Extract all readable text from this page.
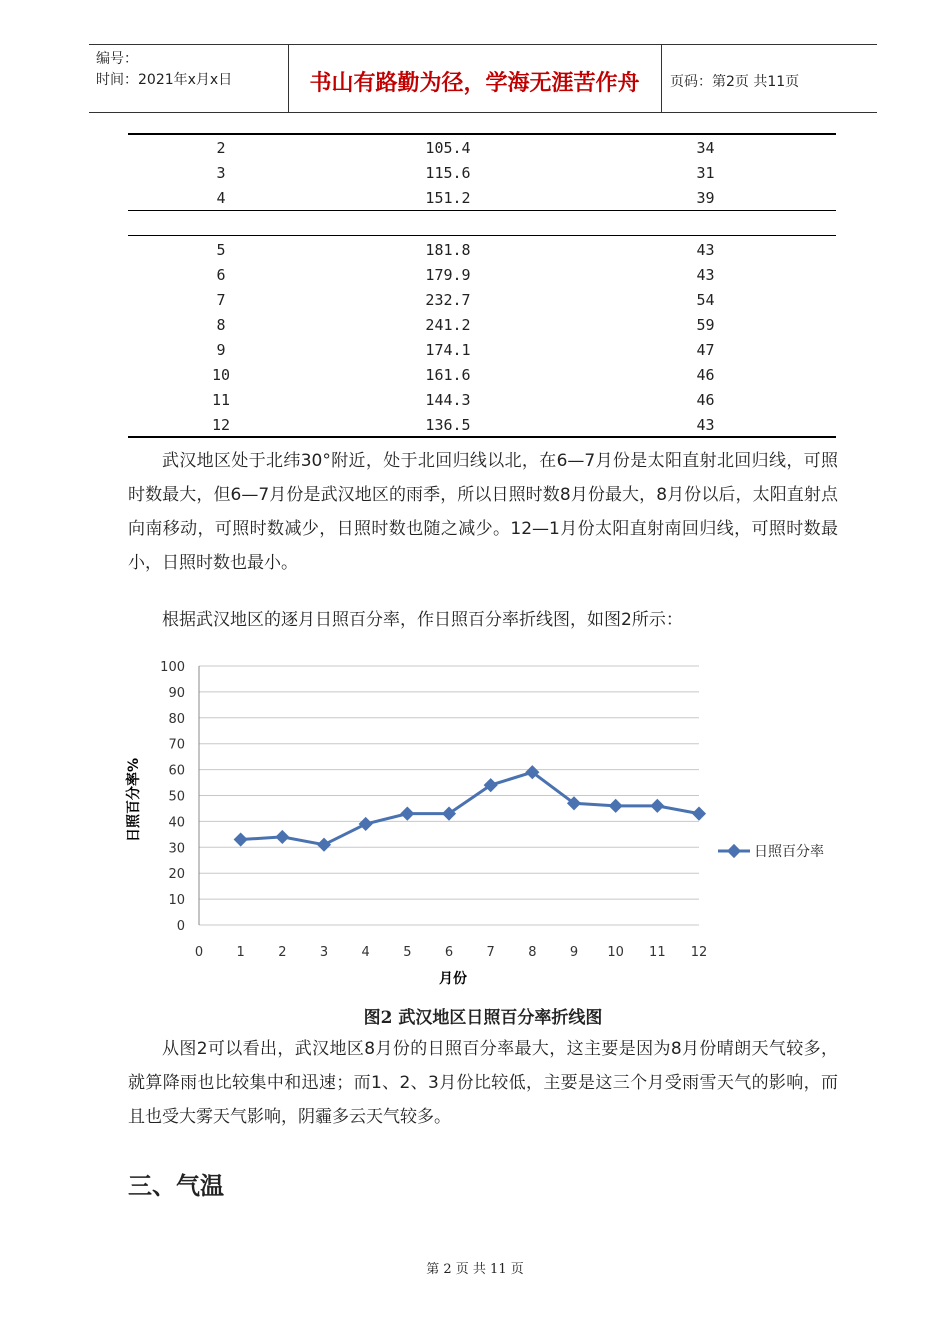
编号：
时间：2021年x月x日	书山有路勤为径，学海无涯苦作舟	页码：第2页 共11页
2	105.4	34
3	115.6	31
4	151.2	39
5	181.8	43
6	179.9	43
7	232.7	54
8	241.2	59
9	174.1	47
10	161.6	46
11	144.3	46
12	136.5	43
武汉地区处于北纬30°附近，处于北回归线以北，在6—7月份是太阳直射北回归线，可照时数最大，但6—7月份是武汉地区的雨季，所以日照时数8月份最大，8月份以后，太阳直射点向南移动，可照时数减少，日照时数也随之减少。12—1月份太阳直射南回归线，可照时数最小，日照时数也最小。
根据武汉地区的逐月日照百分率，作日照百分率折线图，如图2所示：
0
10
20
30
40
50
60
70
80
90
100
0	1	2	3	4	5	6	7	8	9 10 11 12
日照百分率%
月份
日照百分率
图2 武汉地区日照百分率折线图
从图2可以看出，武汉地区8月份的日照百分率最大，这主要是因为8月份晴朗天气较多，就算降雨也比较集中和迅速；而1、2、3月份比较低，主要是这三个月受雨雪天气的影响，而且也受大雾天气影响，阴霾多云天气较多。
三、气温
第 2 页 共 11 页
